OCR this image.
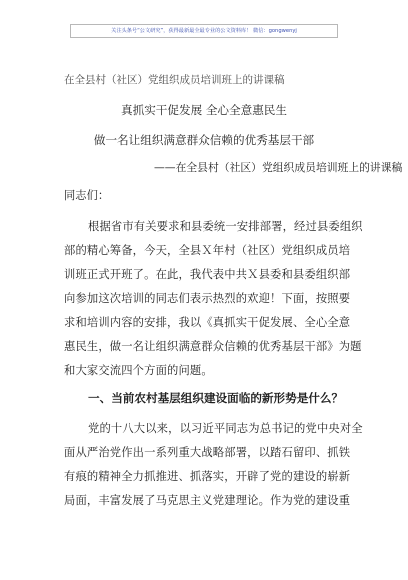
关注头条号“公文研究”，获得最新最全最专业的公文资料库！ 微信：gongwenyj
在全县村（社区）党组织成员培训班上的讲课稿
真抓实干促发展 全心全意惠民生
做一名让组织满意群众信赖的优秀基层干部
——在全县村（社区）党组织成员培训班上的讲课稿
同志们：
根据省市有关要求和县委统一安排部署，经过县委组织
部的精心筹备，今天，全县Ｘ年村（社区）党组织成员培
训班正式开班了。在此，我代表中共Ｘ县委和县委组织部
向参加这次培训的同志们表示热烈的欢迎！下面，按照要
求和培训内容的安排，我以《真抓实干促发展、全心全意
惠民生，做一名让组织满意群众信赖的优秀基层干部》为题
和大家交流四个方面的问题。
一、当前农村基层组织建设面临的新形势是什么？
党的十八大以来，以习近平同志为总书记的党中央对全
面从严治党作出一系列重大战略部署，以踏石留印、抓铁
有痕的精神全力抓推进、抓落实，开辟了党的建设的崭新
局面，丰富发展了马克思主义党建理论。作为党的建设重
